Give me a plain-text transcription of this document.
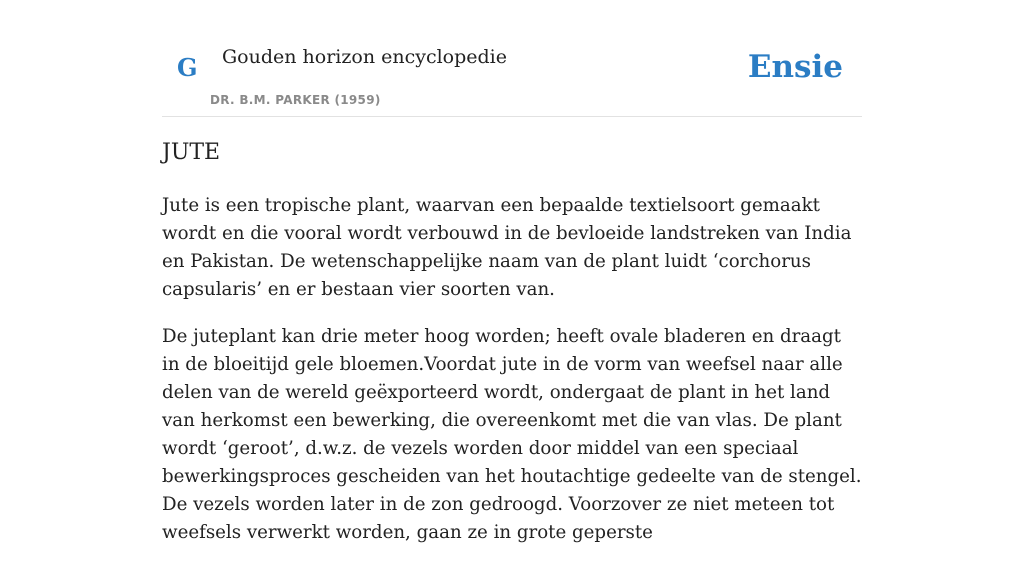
G Gouden horizon encyclopedie
DR. B.M. PARKER (1959)
Ensie
JUTE

Jute is een tropische plant, waarvan een bepaalde textielsoort gemaakt wordt en die vooral wordt verbouwd in de bevloeide landstreken van India en Pakistan. De wetenschappelijke naam van de plant luidt ‘corchorus capsularis’ en er bestaan vier soorten van.

De juteplant kan drie meter hoog worden; heeft ovale bladeren en draagt in de bloeitijd gele bloemen.Voordat jute in de vorm van weefsel naar alle delen van de wereld geëxporteerd wordt, ondergaat de plant in het land van herkomst een bewerking, die overeenkomt met die van vlas. De plant wordt ‘geroot’, d.w.z. de vezels worden door middel van een speciaal bewerkingsproces gescheiden van het houtachtige gedeelte van de stengel. De vezels worden later in de zon gedroogd. Voorzover ze niet meteen tot weefsels verwerkt worden, gaan ze in grote geperste
